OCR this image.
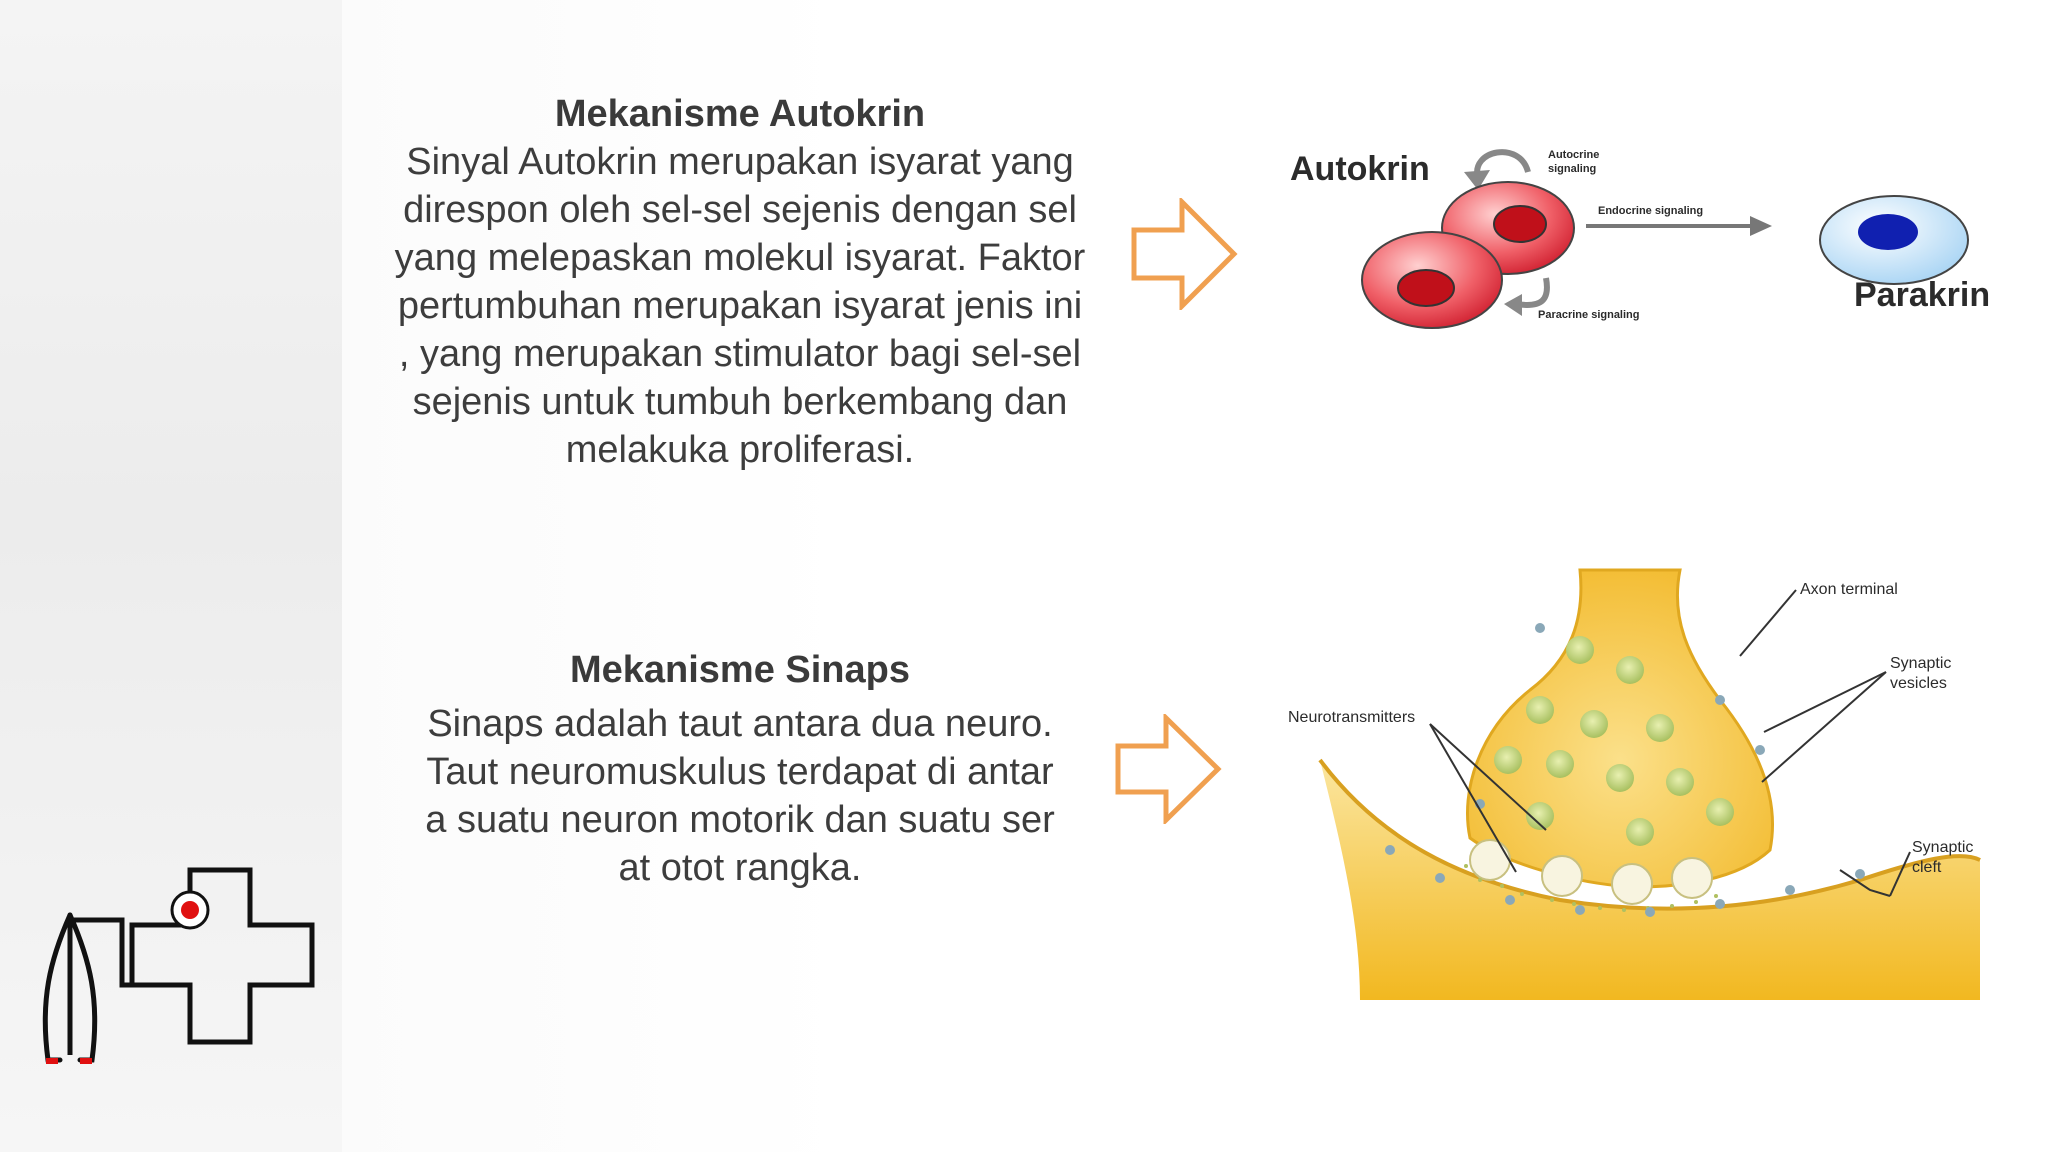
Mekanisme Autokrin
Sinyal Autokrin merupakan isyarat yang
direspon oleh sel-sel sejenis dengan sel
yang melepaskan molekul isyarat. Faktor
pertumbuhan merupakan isyarat jenis ini
, yang merupakan stimulator bagi sel-sel
sejenis untuk tumbuh berkembang dan
melakuka proliferasi.
Mekanisme Sinaps
Sinaps adalah taut antara dua neuro.
Taut neuromuskulus terdapat di antar
a suatu neuron motorik dan suatu ser
at otot rangka.
Autokrin	Autocrine
signaling
Paracrine signaling
Endocrine signaling
Parakrin
Axon terminal
Synaptic
vesicles
Neurotransmitters
Synaptic
cleft
